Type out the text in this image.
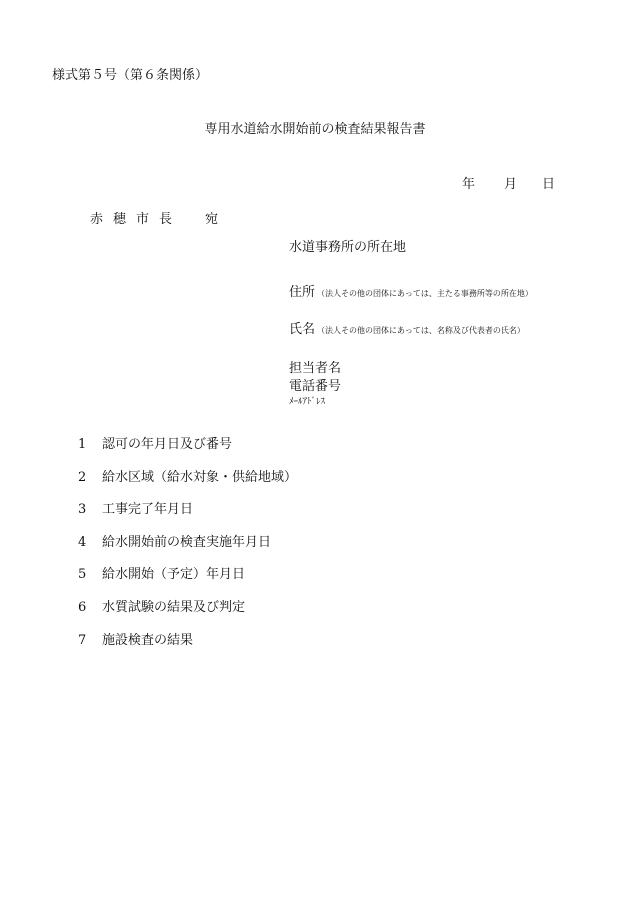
様式第５号（第６条関係）
専用水道給水開始前の検査結果報告書
年	月	日
赤穂市長　宛
水道事務所の所在地
住所 （法人その他の団体にあっては、主たる事務所等の所在地）
氏名 （法人その他の団体にあっては、名称及び代表者の氏名）
担当者名
電話番号
ﾒｰﾙｱﾄﾞﾚｽ
1	認可の年月日及び番号
2	給水区域（給水対象・供給地域）
3	工事完了年月日
4	給水開始前の検査実施年月日
5	給水開始（予定）年月日
6	水質試験の結果及び判定
7	施設検査の結果
